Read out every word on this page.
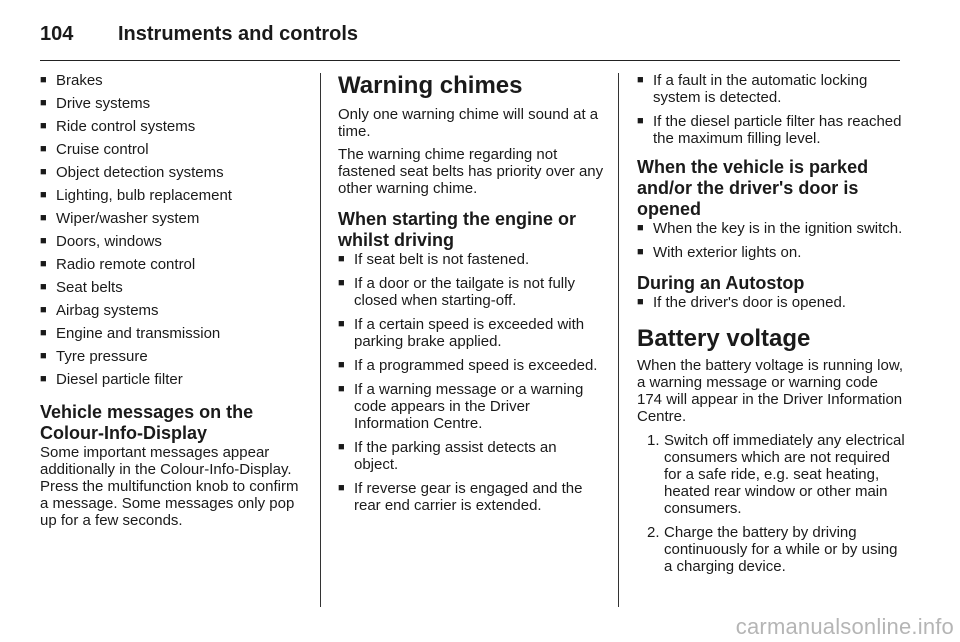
104	Instruments and controls
■ Brakes
■ Drive systems
■ Ride control systems
■ Cruise control
■ Object detection systems
■ Lighting, bulb replacement
■ Wiper/washer system
■ Doors, windows
■ Radio remote control
■ Seat belts
■ Airbag systems
■ Engine and transmission
■ Tyre pressure
■ Diesel particle filter
Vehicle messages on the Colour-Info-Display

Some important messages appear additionally in the Colour-Info-Display. Press the multifunction knob to confirm a message. Some messages only pop up for a few seconds.

Warning chimes

Only one warning chime will sound at a time.

The warning chime regarding not fastened seat belts has priority over any other warning chime.

When starting the engine or whilst driving
■ If seat belt is not fastened.
■ If a door or the tailgate is not fully closed when starting-off.
■ If a certain speed is exceeded with parking brake applied.
■ If a programmed speed is exceeded.
■ If a warning message or a warning code appears in the Driver Information Centre.
■ If the parking assist detects an object.
■ If reverse gear is engaged and the rear end carrier is extended.
■ If a fault in the automatic locking system is detected.
■ If the diesel particle filter has reached the maximum filling level.
When the vehicle is parked and/or the driver's door is opened
■ When the key is in the ignition switch.
■ With exterior lights on.
During an Autostop
■ If the driver's door is opened.
Battery voltage

When the battery voltage is running low, a warning message or warning code 174 will appear in the Driver Information Centre.

1. Switch off immediately any electrical consumers which are not required for a safe ride, e.g. seat heating, heated rear window or other main consumers.
2. Charge the battery by driving continuously for a while or by using a charging device.
carmanualsonline.info
